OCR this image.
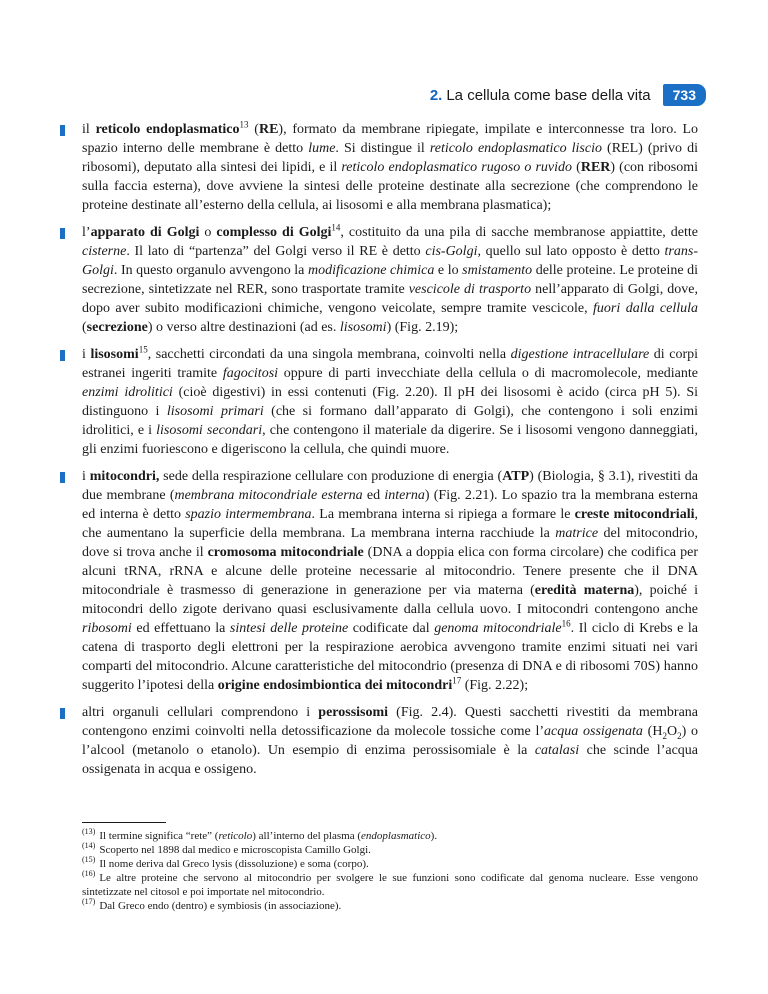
2. La cellula come base della vita	733

il reticolo endoplasmatico$^{13}$ (RE), formato da membrane ripiegate, impilate e interconnesse tra loro. Lo spazio interno delle membrane è detto lume. Si distingue il reticolo endoplasmatico liscio (REL) (privo di ribosomi), deputato alla sintesi dei lipidi, e il reticolo endoplasmatico rugoso o ruvido (RER) (con ribosomi sulla faccia esterna), dove avviene la sintesi delle proteine destinate alla secrezione (che comprendono le proteine destinate all’esterno della cellula, ai lisosomi e alla membrana plasmatica);

l’apparato di Golgi o complesso di Golgi$^{14}$, costituito da una pila di sacche membranose appiattite, dette cisterne. Il lato di “partenza” del Golgi verso il RE è detto cis-Golgi, quello sul lato opposto è detto trans-Golgi. In questo organulo avvengono la modificazione chimica e lo smistamento delle proteine. Le proteine di secrezione, sintetizzate nel RER, sono trasportate tramite vescicole di trasporto nell’apparato di Golgi, dove, dopo aver subito modificazioni chimiche, vengono veicolate, sempre tramite vescicole, fuori dalla cellula (secrezione) o verso altre destinazioni (ad es. lisosomi) (Fig. 2.19);

i lisosomi$^{15}$, sacchetti circondati da una singola membrana, coinvolti nella digestione intracellulare di corpi estranei ingeriti tramite fagocitosi oppure di parti invecchiate della cellula o di macromolecole, mediante enzimi idrolitici (cioè digestivi) in essi contenuti (Fig. 2.20). Il pH dei lisosomi è acido (circa pH 5). Si distinguono i lisosomi primari (che si formano dall’apparato di Golgi), che contengono i soli enzimi idrolitici, e i lisosomi secondari, che contengono il materiale da digerire. Se i lisosomi vengono danneggiati, gli enzimi fuoriescono e digeriscono la cellula, che quindi muore.

i mitocondri, sede della respirazione cellulare con produzione di energia (ATP) (Biologia, § 3.1), rivestiti da due membrane (membrana mitocondriale esterna ed interna) (Fig. 2.21). Lo spazio tra la membrana esterna ed interna è detto spazio intermembrana. La membrana interna si ripiega a formare le creste mitocondriali, che aumentano la superficie della membrana. La membrana interna racchiude la matrice del mitocondrio, dove si trova anche il cromosoma mitocondriale (DNA a doppia elica con forma circolare) che codifica per alcuni tRNA, rRNA e alcune delle proteine necessarie al mitocondrio. Tenere presente che il DNA mitocondriale è trasmesso di generazione in generazione per via materna (eredità materna), poiché i mitocondri dello zigote derivano quasi esclusivamente dalla cellula uovo. I mitocondri contengono anche ribosomi ed effettuano la sintesi delle proteine codificate dal genoma mitocondriale$^{16}$. Il ciclo di Krebs e la catena di trasporto degli elettroni per la respirazione aerobica avvengono tramite enzimi situati nei vari comparti del mitocondrio. Alcune caratteristiche del mitocondrio (presenza di DNA e di ribosomi 70S) hanno suggerito l’ipotesi della origine endosimbiontica dei mitocondri$^{17}$ (Fig. 2.22);

altri organuli cellulari comprendono i perossisomi (Fig. 2.4). Questi sacchetti rivestiti da membrana contengono enzimi coinvolti nella detossificazione da molecole tossiche come l’acqua ossigenata $(H_2O_2)$ o l’alcool (metanolo o etanolo). Un esempio di enzima perossisomiale è la catalasi che scinde l’acqua ossigenata in acqua e ossigeno.

$^{(13)}$ Il termine significa “rete” (reticolo) all’interno del plasma (endoplasmatico).
$^{(14)}$ Scoperto nel 1898 dal medico e microscopista Camillo Golgi.
$^{(15)}$ Il nome deriva dal Greco lysis (dissoluzione) e soma (corpo).
$^{(16)}$ Le altre proteine che servono al mitocondrio per svolgere le sue funzioni sono codificate dal genoma nucleare. Esse vengono sintetizzate nel citosol e poi importate nel mitocondrio.
$^{(17)}$ Dal Greco endo (dentro) e symbiosis (in associazione).
